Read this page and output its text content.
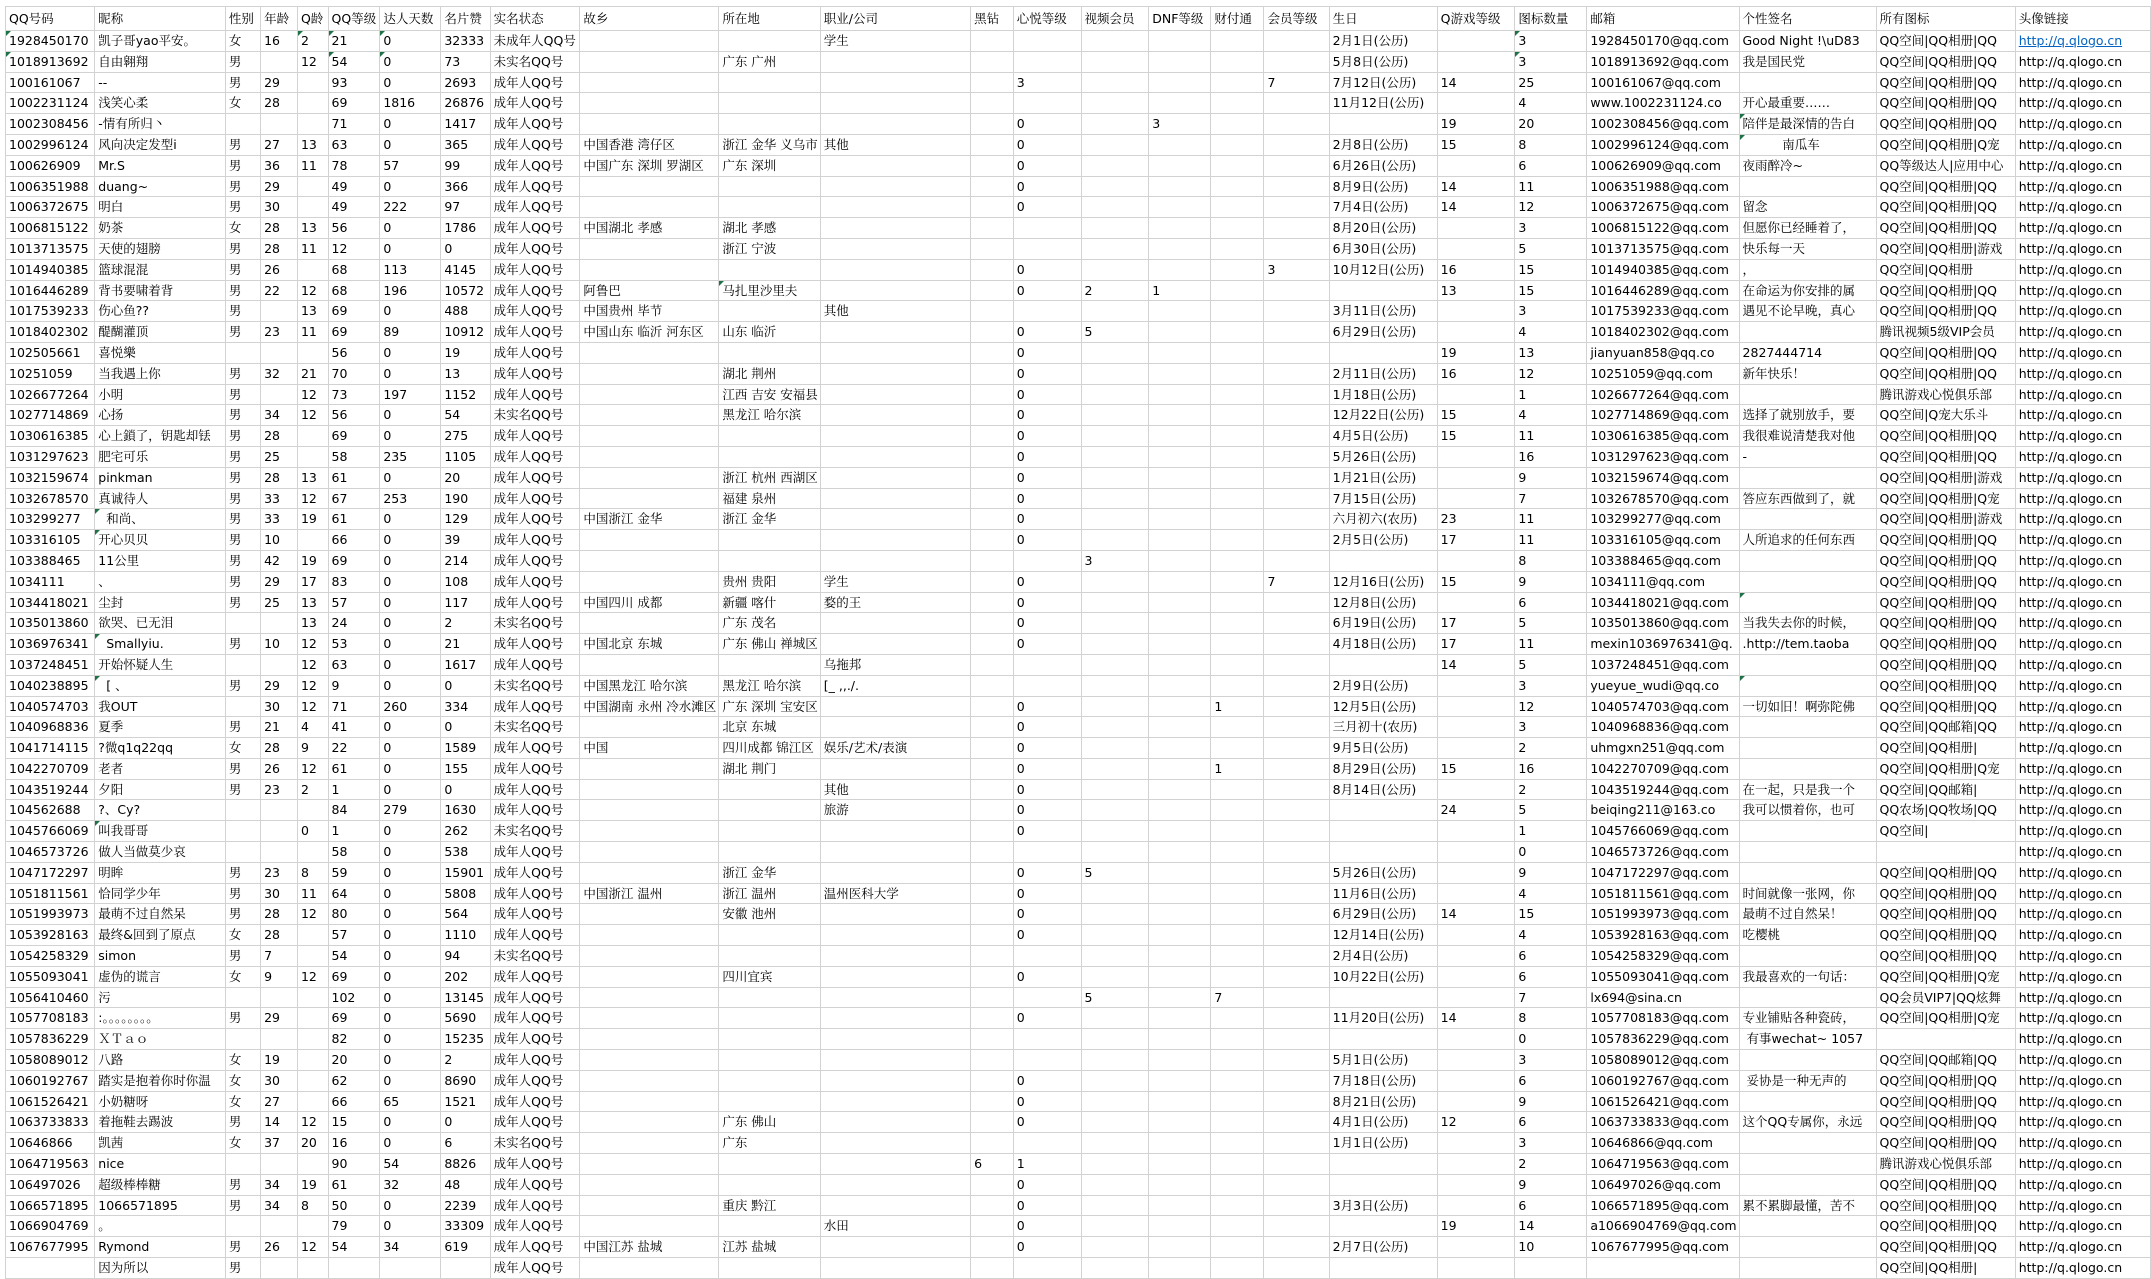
QQ号码	昵称	性别	年龄	Q龄	QQ等级	达人天数	名片赞	实名状态	故乡	所在地	职业/公司	黑钻	心悦等级	视频会员	DNF等级	财付通	会员等级	生日	Q游戏等级	图标数量	邮箱	个性签名	所有图标	头像链接
1928450170	凯子哥yao平安。	女	16	2	21	0	32333	未成年人QQ号			学生							2月1日(公历)		3	1928450170@qq.com	Good Night !\uD83	QQ空间|QQ相册|QQ	http://q.qlogo.cn
1018913692	自由翱翔	男		12	54	0	73	未实名QQ号		广东 广州								5月8日(公历)		3	1018913692@qq.com	我是国民党	QQ空间|QQ相册|QQ	http://q.qlogo.cn
100161067	--	男	29		93	0	2693	成年人QQ号					3				7	7月12日(公历)	14	25	100161067@qq.com		QQ空间|QQ相册|QQ	http://q.qlogo.cn
1002231124	浅笑心柔	女	28		69	1816	26876	成年人QQ号										11月12日(公历)		4	www.1002231124.co	开心最重要……	QQ空间|QQ相册|QQ	http://q.qlogo.cn
1002308456	-情有所归丶				71	0	1417	成年人QQ号					0		3				19	20	1002308456@qq.com	陪伴是最深情的告白	QQ空间|QQ相册|QQ	http://q.qlogo.cn
1002996124	风向决定发型i	男	27	13	63	0	365	成年人QQ号	中国香港 湾仔区	浙江 金华 义乌市	其他		0					2月8日(公历)	15	8	1002996124@qq.com	南瓜车	QQ空间|QQ相册|Q宠	http://q.qlogo.cn
100626909	Mr.S	男	36	11	78	57	99	成年人QQ号	中国广东 深圳 罗湖区	广东 深圳			0					6月26日(公历)		6	100626909@qq.com	夜雨醉冷~	QQ等级达人|应用中心	http://q.qlogo.cn
1006351988	duang~	男	29		49	0	366	成年人QQ号					0					8月9日(公历)	14	11	1006351988@qq.com		QQ空间|QQ相册|QQ	http://q.qlogo.cn
1006372675	明白	男	30		49	222	97	成年人QQ号					0					7月4日(公历)	14	12	1006372675@qq.com	留念	QQ空间|QQ相册|QQ	http://q.qlogo.cn
1006815122	奶茶	女	28	13	56	0	1786	成年人QQ号	中国湖北 孝感	湖北 孝感								8月20日(公历)		3	1006815122@qq.com	但愿你已经睡着了，	QQ空间|QQ相册|QQ	http://q.qlogo.cn
1013713575	天使的翅膀	男	28	11	12	0	0	成年人QQ号		浙江 宁波								6月30日(公历)		5	1013713575@qq.com	快乐每一天	QQ空间|QQ相册|游戏	http://q.qlogo.cn
1014940385	篮球混混	男	26		68	113	4145	成年人QQ号					0				3	10月12日(公历)	16	15	1014940385@qq.com	，	QQ空间|QQ相册	http://q.qlogo.cn
1016446289	背书要啸着背	男	22	12	68	196	10572	成年人QQ号	阿鲁巴	马扎里沙里夫			0	2	1				13	15	1016446289@qq.com	在命运为你安排的属	QQ空间|QQ相册|QQ	http://q.qlogo.cn
1017539233	伤心鱼??	男		13	69	0	488	成年人QQ号	中国贵州 毕节		其他							3月11日(公历)		3	1017539233@qq.com	遇见不论早晚，真心	QQ空间|QQ相册|QQ	http://q.qlogo.cn
1018402302	醍醐灌顶	男	23	11	69	89	10912	成年人QQ号	中国山东 临沂 河东区	山东 临沂			0	5				6月29日(公历)		4	1018402302@qq.com		腾讯视频5级VIP会员	http://q.qlogo.cn
102505661	喜悦樂				56	0	19	成年人QQ号					0						19	13	jianyuan858@qq.co	2827444714	QQ空间|QQ相册|QQ	http://q.qlogo.cn
10251059	当我遇上你	男	32	21	70	0	13	成年人QQ号		湖北 荆州			0					2月11日(公历)	16	12	10251059@qq.com	新年快乐！	QQ空间|QQ相册|QQ	http://q.qlogo.cn
1026677264	小明	男		12	73	197	1152	成年人QQ号		江西 吉安 安福县			0					1月18日(公历)		1	1026677264@qq.com		腾讯游戏心悦俱乐部	http://q.qlogo.cn
1027714869	心扬	男	34	12	56	0	54	未实名QQ号		黑龙江 哈尔滨			0					12月22日(公历)	15	4	1027714869@qq.com	选择了就别放手，要	QQ空间|Q宠大乐斗	http://q.qlogo.cn
1030616385	心上鎖了，钥匙却铥	男	28		69	0	275	成年人QQ号					0					4月5日(公历)	15	11	1030616385@qq.com	我很难说清楚我对他	QQ空间|QQ相册|QQ	http://q.qlogo.cn
1031297623	肥宅可乐	男	25		58	235	1105	成年人QQ号					0					5月26日(公历)		16	1031297623@qq.com	-	QQ空间|QQ相册|QQ	http://q.qlogo.cn
1032159674	pinkman	男	28	13	61	0	20	成年人QQ号		浙江 杭州 西湖区			0					1月21日(公历)		9	1032159674@qq.com		QQ空间|QQ相册|游戏	http://q.qlogo.cn
1032678570	真诚待人	男	33	12	67	253	190	成年人QQ号		福建 泉州			0					7月15日(公历)		7	1032678570@qq.com	答应东西做到了，就	QQ空间|QQ相册|Q宠	http://q.qlogo.cn
103299277	和尚、	男	33	19	61	0	129	成年人QQ号	中国浙江 金华	浙江 金华			0					六月初六(农历)	23	11	103299277@qq.com		QQ空间|QQ相册|游戏	http://q.qlogo.cn
103316105	开心贝贝	男	10		66	0	39	成年人QQ号					0					2月5日(公历)	17	11	103316105@qq.com	人所追求的任何东西	QQ空间|QQ相册|QQ	http://q.qlogo.cn
103388465	11公里	男	42	19	69	0	214	成年人QQ号						3						8	103388465@qq.com		QQ空间|QQ相册|QQ	http://q.qlogo.cn
1034111	、	男	29	17	83	0	108	成年人QQ号		贵州 贵阳	学生		0				7	12月16日(公历)	15	9	1034111@qq.com		QQ空间|QQ相册|QQ	http://q.qlogo.cn
1034418021	尘封	男	25	13	57	0	117	成年人QQ号	中国四川 成都	新疆 喀什	婺的王		0					12月8日(公历)		6	1034418021@qq.com		QQ空间|QQ相册|QQ	http://q.qlogo.cn
1035013860	欲哭、已无泪			13	24	0	2	未实名QQ号		广东 茂名			0					6月19日(公历)	17	5	1035013860@qq.com	当我失去你的时候，	QQ空间|QQ相册|QQ	http://q.qlogo.cn
1036976341	Smallyiu.	男	10	12	53	0	21	成年人QQ号	中国北京 东城	广东 佛山 禅城区			0					4月18日(公历)	17	11	mexin1036976341@q.	.http://tem.taoba	QQ空间|QQ相册|QQ	http://q.qlogo.cn
1037248451	开始怀疑人生			12	63	0	1617	成年人QQ号			乌拖邦								14	5	1037248451@qq.com		QQ空间|QQ相册|QQ	http://q.qlogo.cn
1040238895	[ 、	男	29	12	9	0	0	未实名QQ号	中国黑龙江 哈尔滨	黑龙江 哈尔滨	[_ ,,./.							2月9日(公历)		3	yueyue_wudi@qq.co		QQ空间|QQ相册|QQ	http://q.qlogo.cn
1040574703	我OUT		30	12	71	260	334	成年人QQ号	中国湖南 永州 冷水滩区	广东 深圳 宝安区			0			1		12月5日(公历)		12	1040574703@qq.com	一切如旧！啊弥陀佛	QQ空间|QQ相册|QQ	http://q.qlogo.cn
1040968836	夏季	男	21	4	41	0	0	未实名QQ号		北京 东城			0					三月初十(农历)		3	1040968836@qq.com		QQ空间|QQ邮箱|QQ	http://q.qlogo.cn
1041714115	?微q1q22qq	女	28	9	22	0	1589	成年人QQ号	中国	四川成都 锦江区	娱乐/艺术/表演		0					9月5日(公历)		2	uhmgxn251@qq.com		QQ空间|QQ相册|	http://q.qlogo.cn
1042270709	老者	男	26	12	61	0	155	成年人QQ号		湖北 荆门			0			1		8月29日(公历)	15	16	1042270709@qq.com		QQ空间|QQ相册|Q宠	http://q.qlogo.cn
1043519244	夕阳	男	23	2	1	0	0	成年人QQ号			其他		0					8月14日(公历)		2	1043519244@qq.com	在一起，只是我一个	QQ空间|QQ邮箱|	http://q.qlogo.cn
104562688	?、Cy?				84	279	1630	成年人QQ号			旅游		0						24	5	beiqing211@163.co	我可以惯着你，也可	QQ农场|QQ牧场|QQ	http://q.qlogo.cn
1045766069	叫我哥哥			0	1	0	262	未实名QQ号					0							1	1045766069@qq.com		QQ空间|	http://q.qlogo.cn
1046573726	做人当做莫少哀				58	0	538	成年人QQ号												0	1046573726@qq.com			http://q.qlogo.cn
1047172297	明眸	男	23	8	59	0	15901	成年人QQ号		浙江 金华			0	5				5月26日(公历)		9	1047172297@qq.com		QQ空间|QQ相册|QQ	http://q.qlogo.cn
1051811561	恰同学少年	男	30	11	64	0	5808	成年人QQ号	中国浙江 温州	浙江 温州	温州医科大学		0					11月6日(公历)		4	1051811561@qq.com	时间就像一张网，你	QQ空间|QQ相册|QQ	http://q.qlogo.cn
1051993973	最萌不过自然呆	男	28	12	80	0	564	成年人QQ号		安徽 池州			0					6月29日(公历)	14	15	1051993973@qq.com	最萌不过自然呆！	QQ空间|QQ相册|QQ	http://q.qlogo.cn
1053928163	最终&回到了原点	女	28		57	0	1110	成年人QQ号					0					12月14日(公历)		4	1053928163@qq.com	吃樱桃	QQ空间|QQ相册|QQ	http://q.qlogo.cn
1054258329	simon	男	7		54	0	94	未实名QQ号										2月4日(公历)		6	1054258329@qq.com		QQ空间|QQ相册|QQ	http://q.qlogo.cn
1055093041	虚伪的谎言	女	9	12	69	0	202	成年人QQ号		四川宜宾			0					10月22日(公历)		6	1055093041@qq.com	我最喜欢的一句话：	QQ空间|QQ相册|Q宠	http://q.qlogo.cn
1056410460	污				102	0	13145	成年人QQ号						5		7				7	lx694@sina.cn		QQ会员VIP7|QQ炫舞	http://q.qlogo.cn
1057708183	:。。。。。。。。	男	29		69	0	5690	成年人QQ号					0					11月20日(公历)	14	8	1057708183@qq.com	专业铺贴各种瓷砖，	QQ空间|QQ相册|Q宠	http://q.qlogo.cn
1057836229	ＸＴａｏ				82	0	15235	成年人QQ号												0	1057836229@qq.com	有事wechat~ 1057		http://q.qlogo.cn
1058089012	八路	女	19		20	0	2	成年人QQ号										5月1日(公历)		3	1058089012@qq.com		QQ空间|QQ邮箱|QQ	http://q.qlogo.cn
1060192767	踏实是抱着你时你温	女	30		62	0	8690	成年人QQ号					0					7月18日(公历)		6	1060192767@qq.com	妥协是一种无声的	QQ空间|QQ相册|QQ	http://q.qlogo.cn
1061526421	小奶糖呀	女	27		66	65	1521	成年人QQ号					0					8月21日(公历)		9	1061526421@qq.com		QQ空间|QQ相册|QQ	http://q.qlogo.cn
1063733833	着拖鞋去踢波	男	14	12	15	0	0	成年人QQ号		广东 佛山			0					4月1日(公历)	12	6	1063733833@qq.com	这个QQ专属你，永远	QQ空间|QQ相册|QQ	http://q.qlogo.cn
10646866	凯茜	女	37	20	16	0	6	未实名QQ号		广东								1月1日(公历)		3	10646866@qq.com		QQ空间|QQ相册|QQ	http://q.qlogo.cn
1064719563	nice				90	54	8826	成年人QQ号				6	1							2	1064719563@qq.com		腾讯游戏心悦俱乐部	http://q.qlogo.cn
106497026	超级棒棒糖	男	34	19	61	32	48	成年人QQ号					0							9	106497026@qq.com		QQ空间|QQ相册|QQ	http://q.qlogo.cn
1066571895	1066571895	男	34	8	50	0	2239	成年人QQ号		重庆 黔江			0					3月3日(公历)		6	1066571895@qq.com	累不累脚最懂，苦不	QQ空间|QQ相册|QQ	http://q.qlogo.cn
1066904769	。				79	0	33309	成年人QQ号			水田		0						19	14	a1066904769@qq.com		QQ空间|QQ相册|QQ	http://q.qlogo.cn
1067677995	Rymond	男	26	12	54	34	619	成年人QQ号	中国江苏 盐城	江苏 盐城			0					2月7日(公历)		10	1067677995@qq.com		QQ空间|QQ相册|QQ	http://q.qlogo.cn
	因为所以	男						成年人QQ号															QQ空间|QQ相册|	http://q.qlogo.cn
